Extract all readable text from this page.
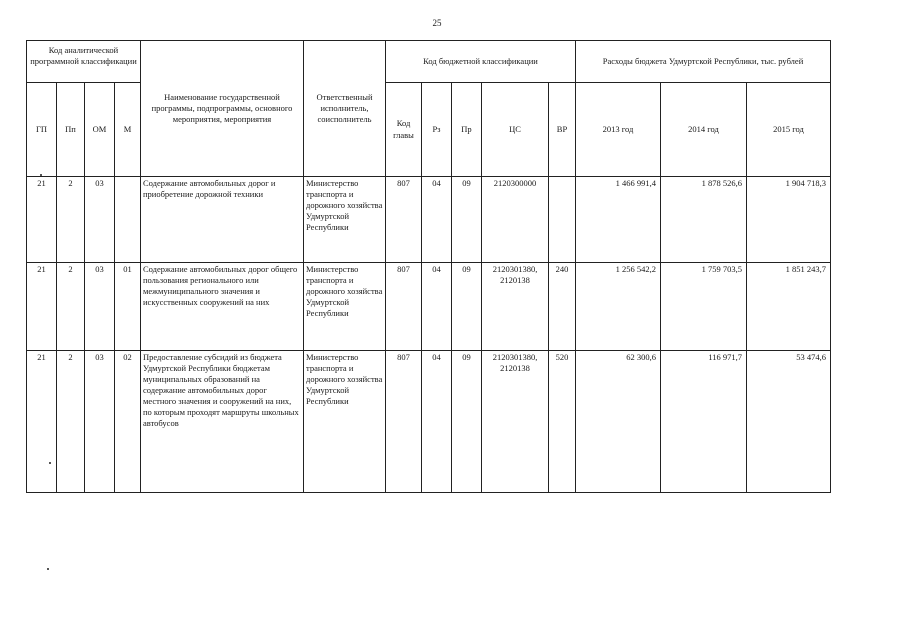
25
Код аналитической программной классификации				Наименование государственной программы, подпрограммы, основного мероприятия, мероприятия	Ответственный исполнитель, соисполнитель	Код бюджетной классификации					Расходы бюджета Удмуртской Республики, тыс. рублей		
ГП	Пп	ОМ	М			Код главы	Рз	Пр	ЦС	ВР	2013 год	2014 год	2015 год
21	2	03		Содержание автомобильных дорог и приобретение дорожной техники	Министерство транспорта и дорожного хозяйства Удмуртской Республики	807	04	09	2120300000		1 466 991,4	1 878 526,6	1 904 718,3
21	2	03	01	Содержание автомобильных дорог общего пользования регионального или межмуниципального значения и искусственных сооружений на них	Министерство транспорта и дорожного хозяйства Удмуртской Республики	807	04	09	2120301380, 2120138	240	1 256 542,2	1 759 703,5	1 851 243,7
21	2	03	02	Предоставление субсидий из бюджета Удмуртской Республики бюджетам муниципальных образований на содержание автомобильных дорог местного значения и сооружений на них, по которым проходят маршруты школьных автобусов	Министерство транспорта и дорожного хозяйства Удмуртской Республики	807	04	09	2120301380, 2120138	520	62 300,6	116 971,7	53 474,6
